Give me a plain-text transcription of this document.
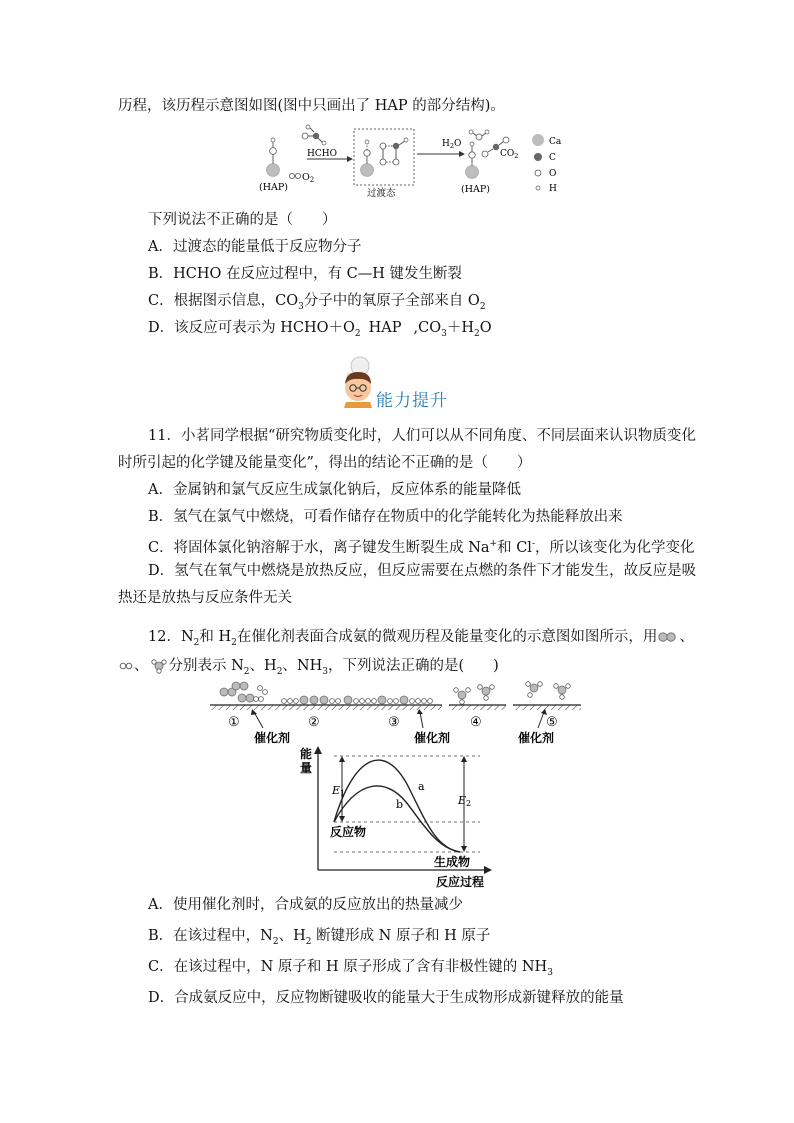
历程，该历程示意图如图(图中只画出了 HAP 的部分结构)。
(HAP)
$O_2$
HCHO
过渡态
$H_2O$
$CO_2$
(HAP)
Ca
C
O
H
下列说法不正确的是（　　）
A．过渡态的能量低于反应物分子
B．HCHO 在反应过程中，有 C—H 键发生断裂
C．根据图示信息，$CO_3$分子中的氧原子全部来自 $O_2$
D．该反应可表示为 $HCHO+O_2$ HAP $,CO_3+H_2O$
能力提升
11．小茗同学根据“研究物质变化时，人们可以从不同角度、不同层面来认识物质变化
时所引起的化学键及能量变化”，得出的结论不正确的是（　　）
A．金属钠和氯气反应生成氯化钠后，反应体系的能量降低
B．氢气在氯气中燃烧，可看作储存在物质中的化学能转化为热能释放出来
C．将固体氯化钠溶解于水，离子键发生断裂生成 Na+和 Cl-，所以该变化为化学变化
D．氢气在氧气中燃烧是放热反应，但反应需要在点燃的条件下才能发生，故反应是吸
热还是放热与反应条件无关
12．$N_2$和 $H_2$在催化剂表面合成氨的微观历程及能量变化的示意图如图所示，用 、
、 分别表示 $N_2$、$H_2$、$NH_3$，下列说法正确的是(　　)
①	②	③	④	⑤
催化剂	催化剂	催化剂
能
量
反应过程
a
b
E1
E2
反应物
生成物
A．使用催化剂时，合成氨的反应放出的热量减少
B．在该过程中，$N_2$、$H_2$ 断键形成 N 原子和 H 原子
C．在该过程中，N 原子和 H 原子形成了含有非极性键的 $NH_3$
D．合成氨反应中，反应物断键吸收的能量大于生成物形成新键释放的能量
